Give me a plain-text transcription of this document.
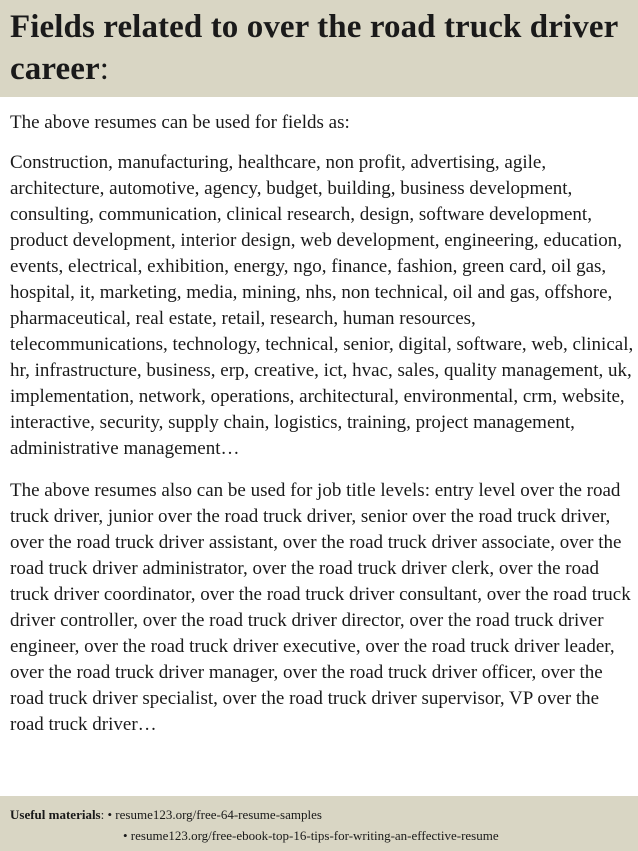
Fields related to over the road truck driver career:

The above resumes can be used for fields as:

Construction, manufacturing, healthcare, non profit, advertising, agile, architecture, automotive, agency, budget, building, business development, consulting, communication, clinical research, design, software development, product development, interior design, web development, engineering, education, events, electrical, exhibition, energy, ngo, finance, fashion, green card, oil gas, hospital, it, marketing, media, mining, nhs, non technical, oil and gas, offshore, pharmaceutical, real estate, retail, research, human resources, telecommunications, technology, technical, senior, digital, software, web, clinical, hr, infrastructure, business, erp, creative, ict, hvac, sales, quality management, uk, implementation, network, operations, architectural, environmental, crm, website, interactive, security, supply chain, logistics, training, project management, administrative management…

The above resumes also can be used for job title levels: entry level over the road truck driver, junior over the road truck driver, senior over the road truck driver, over the road truck driver assistant, over the road truck driver associate, over the road truck driver administrator, over the road truck driver clerk, over the road truck driver coordinator, over the road truck driver consultant, over the road truck driver controller, over the road truck driver director, over the road truck driver engineer, over the road truck driver executive, over the road truck driver leader, over the road truck driver manager, over the road truck driver officer, over the road truck driver specialist, over the road truck driver supervisor, VP over the road truck driver…

Useful materials: • resume123.org/free-64-resume-samples
• resume123.org/free-ebook-top-16-tips-for-writing-an-effective-resume
